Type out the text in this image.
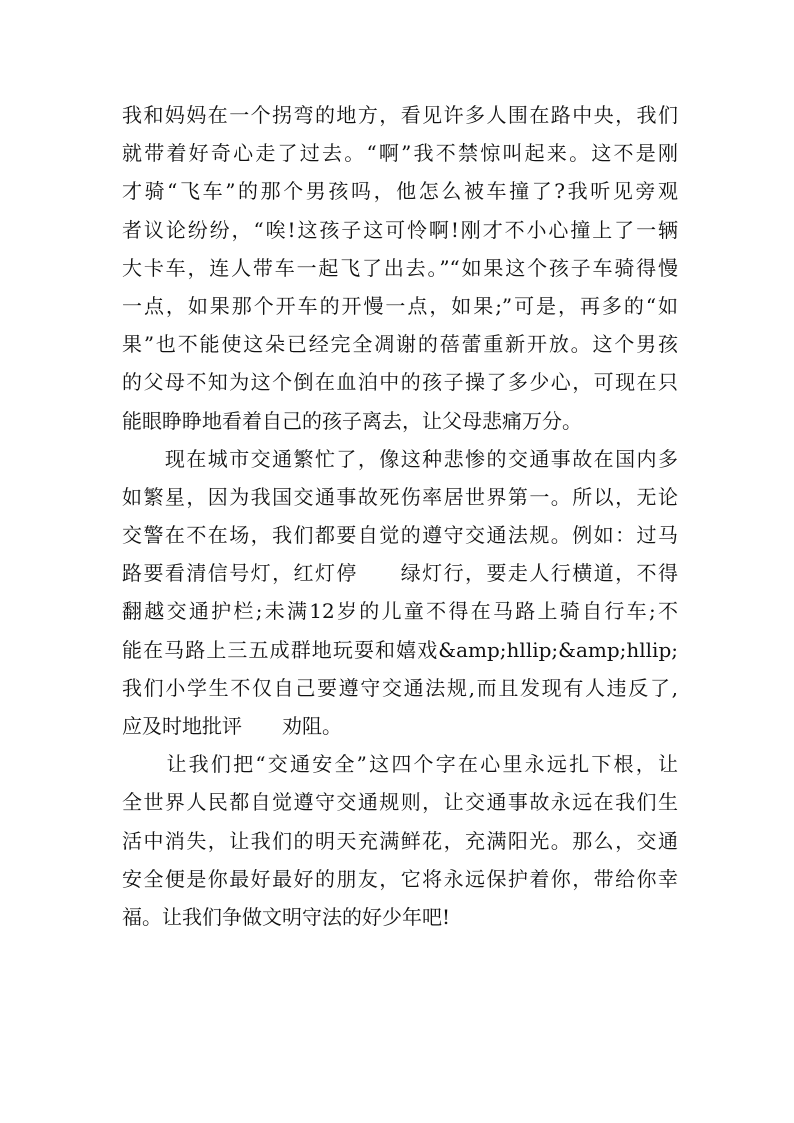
我和妈妈在一个拐弯的地方，看见许多人围在路中央，我们
就带着好奇心走了过去。“啊”我不禁惊叫起来。这不是刚
才骑“飞车”的那个男孩吗，他怎么被车撞了?我听见旁观
者议论纷纷，“唉!这孩子这可怜啊!刚才不小心撞上了一辆
大卡车，连人带车一起飞了出去。”“如果这个孩子车骑得慢
一点，如果那个开车的开慢一点，如果;”可是，再多的“如
果”也不能使这朵已经完全凋谢的蓓蕾重新开放。这个男孩
的父母不知为这个倒在血泊中的孩子操了多少心，可现在只
能眼睁睁地看着自己的孩子离去，让父母悲痛万分。
　　现在城市交通繁忙了，像这种悲惨的交通事故在国内多
如繁星，因为我国交通事故死伤率居世界第一。所以，无论
交警在不在场，我们都要自觉的遵守交通法规。例如：过马
路要看清信号灯，红灯停　　绿灯行，要走人行横道，不得
翻越交通护栏;未满12岁的儿童不得在马路上骑自行车;不
能在马路上三五成群地玩耍和嬉戏&amp;hllip;&amp;hllip;
我们小学生不仅自己要遵守交通法规,而且发现有人违反了,
应及时地批评　　劝阻。
　　让我们把“交通安全”这四个字在心里永远扎下根，让
全世界人民都自觉遵守交通规则，让交通事故永远在我们生
活中消失，让我们的明天充满鲜花，充满阳光。那么，交通
安全便是你最好最好的朋友，它将永远保护着你，带给你幸
福。让我们争做文明守法的好少年吧!
